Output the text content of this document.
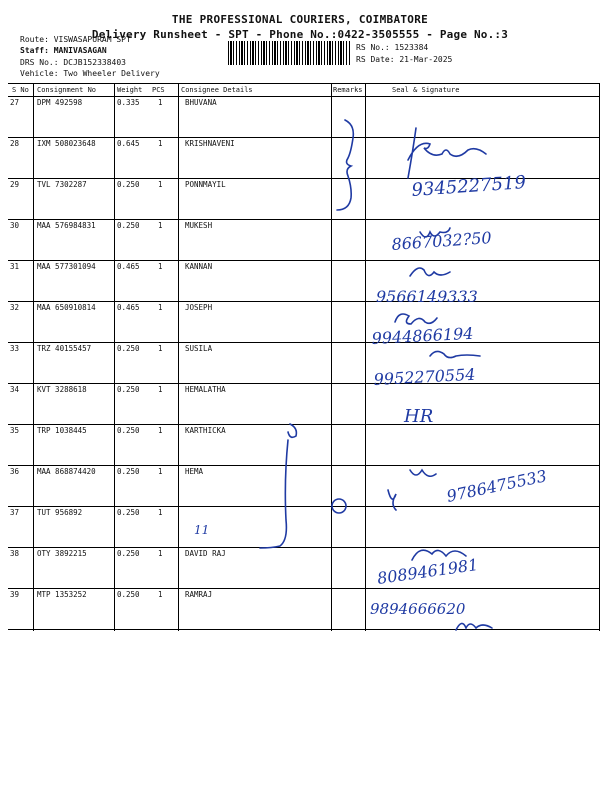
THE PROFESSIONAL COURIERS, COIMBATORE
Delivery Runsheet - SPT - Phone No.:0422-3505555 - Page No.:3
Route: VISWASAPURAM SPT
Staff: MANIVASAGAN
DRS No.: DCJB152338403
Vehicle: Two Wheeler Delivery
RS No.: 1523384
RS Date: 21-Mar-2025
S No Consignment No	Weight PCS Consignee Details	Remarks	Seal & Signature
27 DPM 492598	0.335 1	BHUVANA
28 IXM 508023648	0.645 1	KRISHNAVENI
29 TVL 7302287	0.250 1	PONNMAYIL
30 MAA 576984831	0.250 1	MUKESH
31 MAA 577301094	0.465 1	KANNAN
32 MAA 650910814	0.465 1	JOSEPH
33 TRZ 40155457	0.250 1	SUSILA
34 KVT 3288618	0.250 1	HEMALATHA
35 TRP 1038445	0.250 1	KARTHICKA
36 MAA 868874420	0.250 1	HEMA
37 TUT 956892	0.250 1
38 OTY 3892215	0.250 1	DAVID RAJ
39 MTP 1353252	0.250 1	RAMRAJ
9345227519
8667032?50
9566149333
9944866194
9952270554
HR
9786475533
11
8089461981
9894666620
